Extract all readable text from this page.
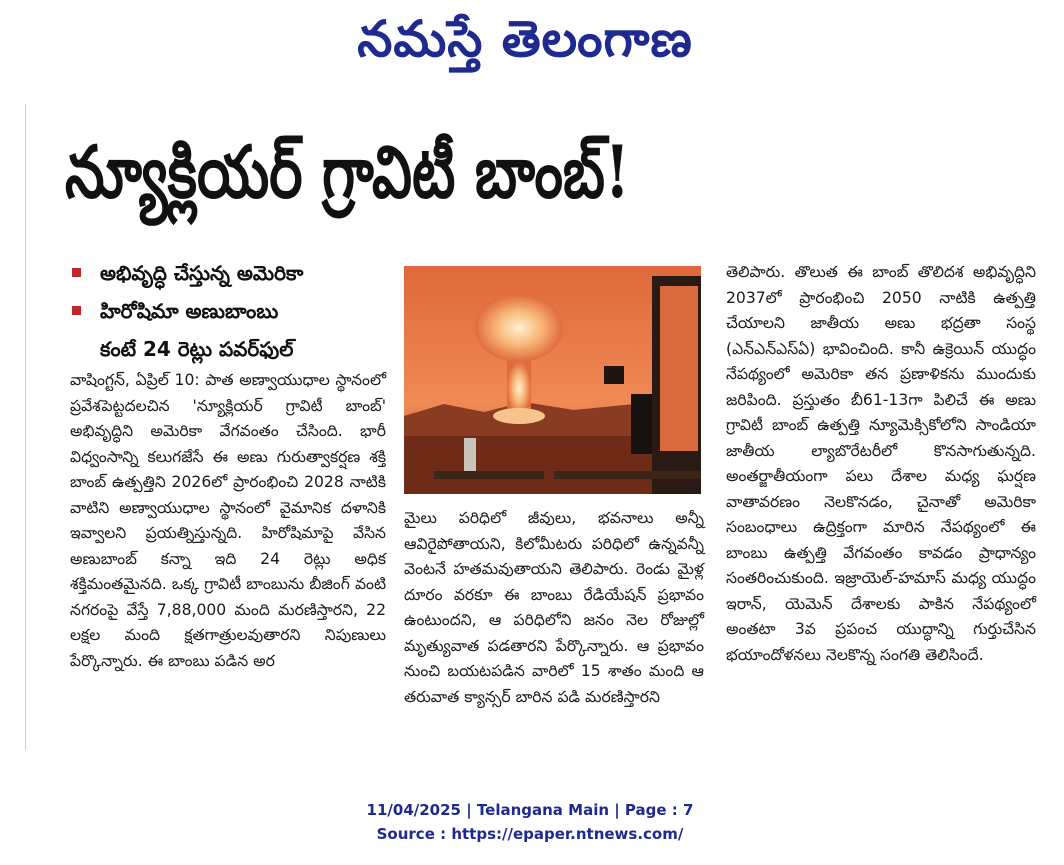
నమస్తే తెలంగాణ
న్యూక్లియర్ గ్రావిటీ బాంబ్!
అభివృద్ధి చేస్తున్న అమెరికా
హిరోషిమా అణుబాంబు
కంటే 24 రెట్లు పవర్‌ఫుల్
వాషింగ్టన్, ఏప్రిల్ 10: పాత అణ్వాయుధాల స్థానంలో ప్రవేశపెట్టదలచిన 'న్యూక్లియర్ గ్రావిటీ బాంబ్' అభివృద్ధిని అమెరికా వేగవంతం చేసింది. భారీ విధ్వంసాన్ని కలుగజేసే ఈ అణు గురుత్వాకర్షణ శక్తి బాంబ్ ఉత్పత్తిని 2026లో ప్రారంభించి 2028 నాటికి వాటిని అణ్వాయుధాల స్థానంలో వైమానిక దళానికి ఇవ్వాలని ప్రయత్నిస్తున్నది. హిరోషిమాపై వేసిన అణుబాంబ్ కన్నా ఇది 24 రెట్లు అధిక శక్తిమంతమైనది. ఒక్క గ్రావిటీ బాంబును బీజింగ్ వంటి నగరంపై వేస్తే 7,88,000 మంది మరణిస్తారని, 22 లక్షల మంది క్షతగాత్రులవుతారని నిపుణులు పేర్కొన్నారు. ఈ బాంబు పడిన అర
మైలు పరిధిలో జీవులు, భవనాలు అన్నీ ఆవిరైపోతాయని, కిలోమీటరు పరిధిలో ఉన్నవన్నీ వెంటనే హతమవుతాయని తెలిపారు. రెండు మైళ్ల దూరం వరకూ ఈ బాంబు రేడియేషన్ ప్రభావం ఉంటుందని, ఆ పరిధిలోని జనం నెల రోజుల్లో మృత్యువాత పడతారని పేర్కొన్నారు. ఆ ప్రభావం నుంచి బయటపడిన వారిలో 15 శాతం మంది ఆ తరువాత క్యాన్సర్ బారిన పడి మరణిస్తారని
తెలిపారు. తొలుత ఈ బాంబ్ తొలిదశ అభివృద్ధిని 2037లో ప్రారంభించి 2050 నాటికి ఉత్పత్తి చేయాలని జాతీయ అణు భద్రతా సంస్థ (ఎన్ఎన్ఎస్ఏ) భావించింది. కానీ ఉక్రెయిన్ యుద్ధం నేపథ్యంలో అమెరికా తన ప్రణాళికను ముందుకు జరిపింది. ప్రస్తుతం బీ61-13గా పిలిచే ఈ అణు గ్రావిటీ బాంబ్ ఉత్పత్తి న్యూమెక్సికోలోని సాండియా జాతీయ ల్యాబొరేటరీలో కొనసాగుతున్నది. అంతర్జాతీయంగా పలు దేశాల మధ్య ఘర్షణ వాతావరణం నెలకొనడం, చైనాతో అమెరికా సంబంధాలు ఉద్రిక్తంగా మారిన నేపథ్యంలో ఈ బాంబు ఉత్పత్తి వేగవంతం కావడం ప్రాధాన్యం సంతరించుకుంది. ఇజ్రాయెల్-హమాస్ మధ్య యుద్ధం ఇరాన్, యెమెన్ దేశాలకు పాకిన నేపథ్యంలో అంతటా 3వ ప్రపంచ యుద్ధాన్ని గుర్తుచేసిన భయాందోళనలు నెలకొన్న సంగతి తెలిసిందే.
11/04/2025 | Telangana Main | Page : 7
Source : https://epaper.ntnews.com/
